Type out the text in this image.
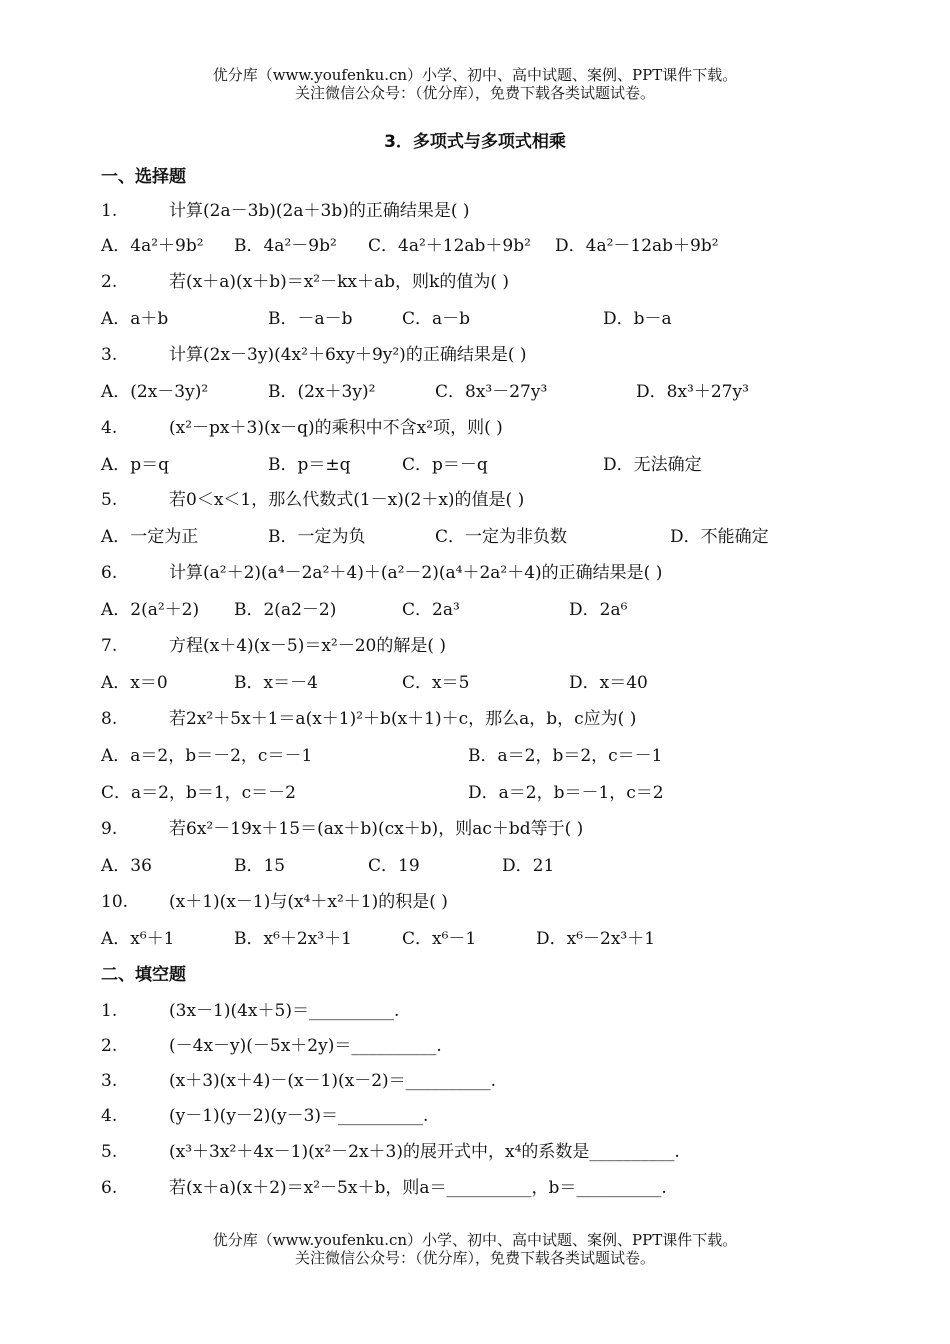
优分库（www.youfenku.cn）小学、初中、高中试题、案例、PPT课件下载。
关注微信公众号：（优分库），免费下载各类试题试卷。
3．多项式与多项式相乘
一、选择题
1.	计算(2a－3b)(2a＋3b)的正确结果是( )
A．4a²＋9b² B．4a²－9b² C．4a²＋12ab＋9b² D．4a²－12ab＋9b²
2.	若(x＋a)(x＋b)＝x²－kx＋ab，则k的值为( )
A．a＋b	B．－a－b	C．a－b	D．b－a
3.	计算(2x－3y)(4x²＋6xy＋9y²)的正确结果是( )
A．(2x－3y)²	B．(2x＋3y)²	C．8x³－27y³	D．8x³＋27y³
4.	(x²－px＋3)(x－q)的乘积中不含x²项，则( )
A．p＝q	B．p＝±q	C．p＝－q	D．无法确定
5.	若0＜x＜1，那么代数式(1－x)(2＋x)的值是( )
A．一定为正	B．一定为负	C．一定为非负数	D．不能确定
6.	计算(a²＋2)(a⁴－2a²＋4)＋(a²－2)(a⁴＋2a²＋4)的正确结果是( )
A．2(a²＋2) B．2(a2－2)	C．2a³	D．2a⁶
7.	方程(x＋4)(x－5)＝x²－20的解是( )
A．x＝0	B．x＝－4	C．x＝5	D．x＝40
8.	若2x²＋5x＋1＝a(x＋1)²＋b(x＋1)＋c，那么a，b，c应为( )
A．a＝2，b＝－2，c＝－1	B．a＝2，b＝2，c＝－1
C．a＝2，b＝1，c＝－2	D．a＝2，b＝－1，c＝2
9.	若6x²－19x＋15＝(ax＋b)(cx＋b)，则ac＋bd等于( )
A．36	B．15	C．19	D．21
10. (x＋1)(x－1)与(x⁴＋x²＋1)的积是( )
A．x⁶＋1	B．x⁶＋2x³＋1	C．x⁶－1	D．x⁶－2x³＋1
二、填空题
1.	(3x－1)(4x＋5)＝__________.
2.	(－4x－y)(－5x＋2y)＝__________.
3.	(x＋3)(x＋4)－(x－1)(x－2)＝__________.
4.	(y－1)(y－2)(y－3)＝__________.
5.	(x³＋3x²＋4x－1)(x²－2x＋3)的展开式中，x⁴的系数是__________.
6.	若(x＋a)(x＋2)＝x²－5x＋b，则a＝__________，b＝__________.
优分库（www.youfenku.cn）小学、初中、高中试题、案例、PPT课件下载。
关注微信公众号：（优分库），免费下载各类试题试卷。
